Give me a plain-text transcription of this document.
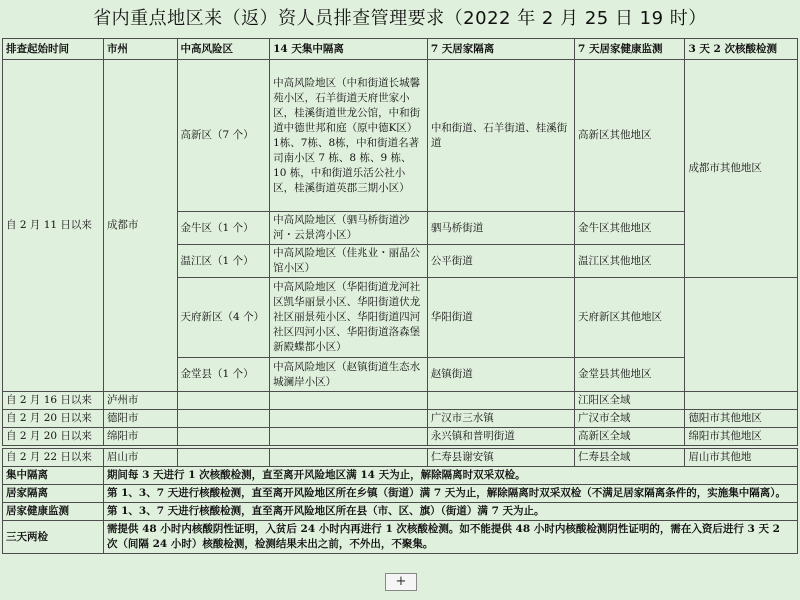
省内重点地区来（返）资人员排查管理要求（2022 年 2 月 25 日 19 时）
排查起始时间	市州	中高风险区	14 天集中隔离	7 天居家隔离	7 天居家健康监测	3 天 2 次核酸检测
自 2 月 11 日以来	成都市	高新区（7 个）	中高风险地区（中和街道长城馨苑小区，石羊街道天府世家小区，桂溪街道世龙公馆，中和街道中德世邦和庭（原中德K区）1栋、7栋、8栋，中和街道名著司南小区 7 栋、8 栋、9 栋、10 栋，中和街道乐活公社小区，桂溪街道英郡三期小区）	中和街道、石羊街道、桂溪街道	高新区其他地区	成都市其他地区
		金牛区（1 个）	中高风险地区（驷马桥街道沙河・云景湾小区）	驷马桥街道	金牛区其他地区	
		温江区（1 个）	中高风险地区（佳兆业・丽晶公馆小区）	公平街道	温江区其他地区	
		天府新区（4 个）	中高风险地区（华阳街道龙河社区凯华丽景小区、华阳街道伏龙社区丽景苑小区、华阳街道四河社区四河小区、华阳街道洛森堡新殿蝶都小区）	华阳街道	天府新区其他地区	
		金堂县（1 个）	中高风险地区（赵镇街道生态水城澜岸小区）	赵镇街道	金堂县其他地区	
自 2 月 16 日以来	泸州市				江阳区全域	
自 2 月 20 日以来	德阳市			广汉市三水镇	广汉市全域	德阳市其他地区
自 2 月 20 日以来	绵阳市			永兴镇和普明街道	高新区全域	绵阳市其他地区

自 2 月 22 日以来	眉山市			仁寿县谢安镇	仁寿县全域	眉山市其他地
集中隔离	期间每 3 天进行 1 次核酸检测，直至离开风险地区满 14 天为止，解除隔离时双采双检。					
居家隔离	第 1、3、7 天进行核酸检测，直至离开风险地区所在乡镇（街道）满 7 天为止，解除隔离时双采双检（不满足居家隔离条件的，实施集中隔离）。					
居家健康监测	第 1、3、7 天进行核酸检测，直至离开风险地区所在县（市、区、旗）（街道）满 7 天为止。					
三天两检	需提供 48 小时内核酸阴性证明，入贫后 24 小时内再进行 1 次核酸检测。如不能提供 48 小时内核酸检测阴性证明的，需在入资后进行 3 天 2 次（间隔 24 小时）核酸检测，检测结果未出之前，不外出，不聚集。					
+
